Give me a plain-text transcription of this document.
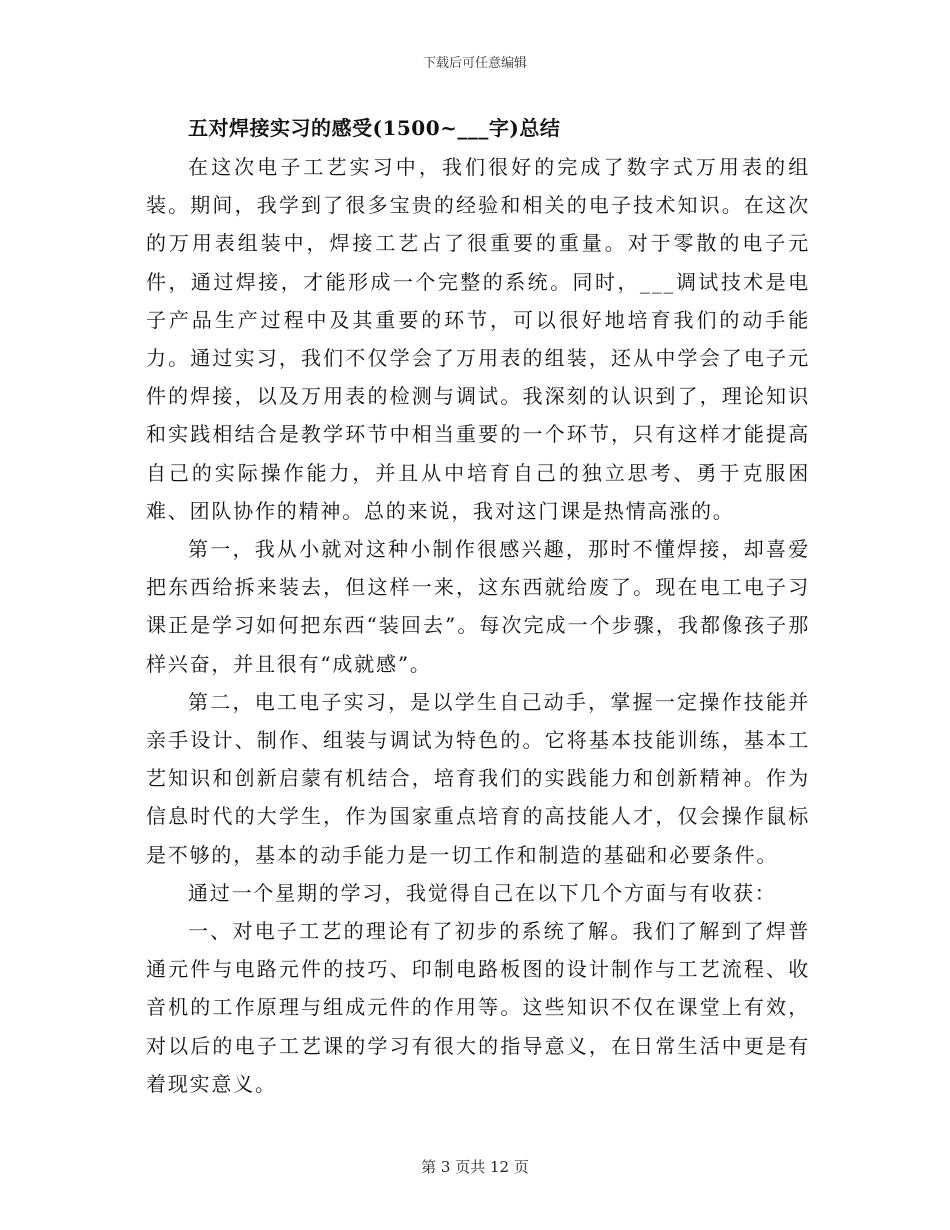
下载后可任意编辑
五对焊接实习的感受(1500~___字)总结

在这次电子工艺实习中，我们很好的完成了数字式万用表的组装。期间，我学到了很多宝贵的经验和相关的电子技术知识。在这次的万用表组装中，焊接工艺占了很重要的重量。对于零散的电子元件，通过焊接，才能形成一个完整的系统。同时，___调试技术是电子产品生产过程中及其重要的环节，可以很好地培育我们的动手能力。通过实习，我们不仅学会了万用表的组装，还从中学会了电子元件的焊接，以及万用表的检测与调试。我深刻的认识到了，理论知识和实践相结合是教学环节中相当重要的一个环节，只有这样才能提高自己的实际操作能力，并且从中培育自己的独立思考、勇于克服困难、团队协作的精神。总的来说，我对这门课是热情高涨的。

第一，我从小就对这种小制作很感兴趣，那时不懂焊接，却喜爱把东西给拆来装去，但这样一来，这东西就给废了。现在电工电子习课正是学习如何把东西“装回去”。每次完成一个步骤，我都像孩子那样兴奋，并且很有“成就感”。

第二，电工电子实习，是以学生自己动手，掌握一定操作技能并亲手设计、制作、组装与调试为特色的。它将基本技能训练，基本工艺知识和创新启蒙有机结合，培育我们的实践能力和创新精神。作为信息时代的大学生，作为国家重点培育的高技能人才，仅会操作鼠标是不够的，基本的动手能力是一切工作和制造的基础和必要条件。

通过一个星期的学习，我觉得自己在以下几个方面与有收获：

一、对电子工艺的理论有了初步的系统了解。我们了解到了焊普通元件与电路元件的技巧、印制电路板图的设计制作与工艺流程、收音机的工作原理与组成元件的作用等。这些知识不仅在课堂上有效，对以后的电子工艺课的学习有很大的指导意义，在日常生活中更是有着现实意义。

第 3 页共 12 页
